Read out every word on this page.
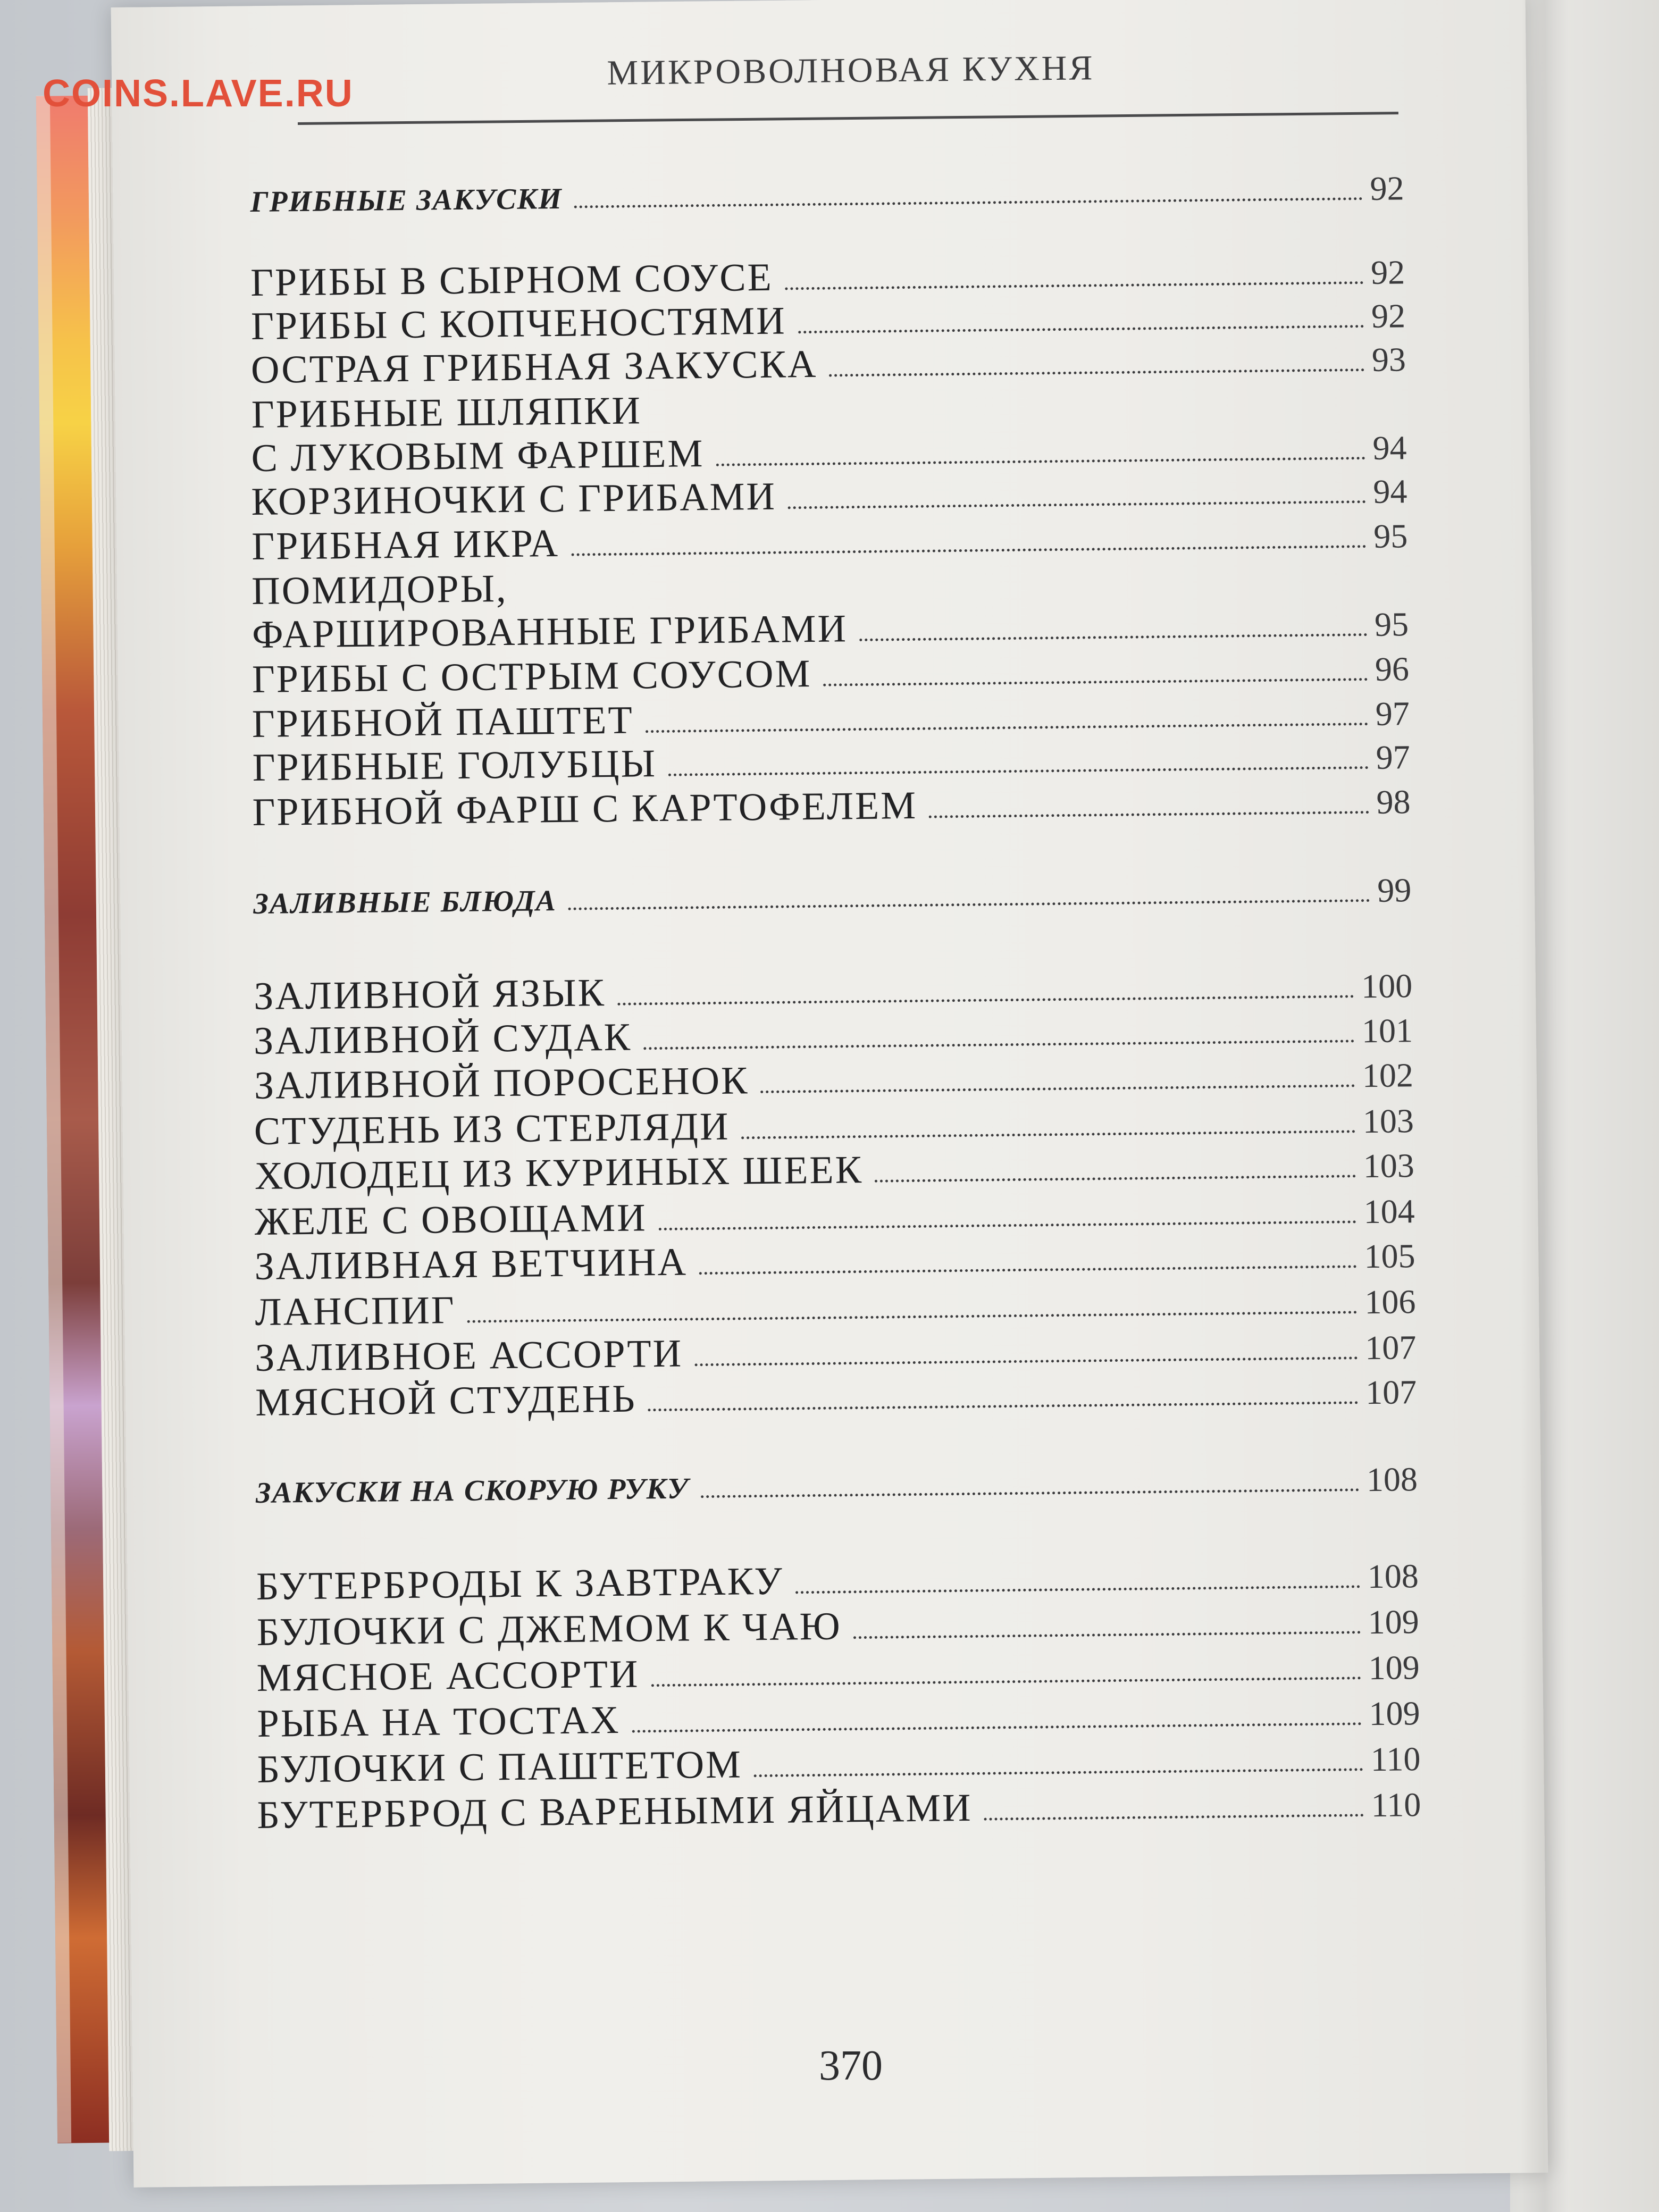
COINS.LAVE.RU
МИКРОВОЛНОВАЯ КУХНЯ
ГРИБНЫЕ ЗАКУСКИ	92
ГРИБЫ В СЫРНОМ СОУСЕ	92
ГРИБЫ С КОПЧЕНОСТЯМИ	92
ОСТРАЯ ГРИБНАЯ ЗАКУСКА	93
ГРИБНЫЕ ШЛЯПКИ
С ЛУКОВЫМ ФАРШЕМ	94
КОРЗИНОЧКИ С ГРИБАМИ	94
ГРИБНАЯ ИКРА	95
ПОМИДОРЫ,
ФАРШИРОВАННЫЕ ГРИБАМИ	95
ГРИБЫ С ОСТРЫМ СОУСОМ	96
ГРИБНОЙ ПАШТЕТ	97
ГРИБНЫЕ ГОЛУБЦЫ	97
ГРИБНОЙ ФАРШ С КАРТОФЕЛЕМ	98
ЗАЛИВНЫЕ БЛЮДА	99
ЗАЛИВНОЙ ЯЗЫК	100
ЗАЛИВНОЙ СУДАК	101
ЗАЛИВНОЙ ПОРОСЕНОК	102
СТУДЕНЬ ИЗ СТЕРЛЯДИ	103
ХОЛОДЕЦ ИЗ КУРИНЫХ ШЕЕК	103
ЖЕЛЕ С ОВОЩАМИ	104
ЗАЛИВНАЯ ВЕТЧИНА	105
ЛАНСПИГ	106
ЗАЛИВНОЕ АССОРТИ	107
МЯСНОЙ СТУДЕНЬ	107
ЗАКУСКИ НА СКОРУЮ РУКУ	108
БУТЕРБРОДЫ К ЗАВТРАКУ	108
БУЛОЧКИ С ДЖЕМОМ К ЧАЮ	109
МЯСНОЕ АССОРТИ	109
РЫБА НА ТОСТАХ	109
БУЛОЧКИ С ПАШТЕТОМ	110
БУТЕРБРОД С ВАРЕНЫМИ ЯЙЦАМИ	110
370
